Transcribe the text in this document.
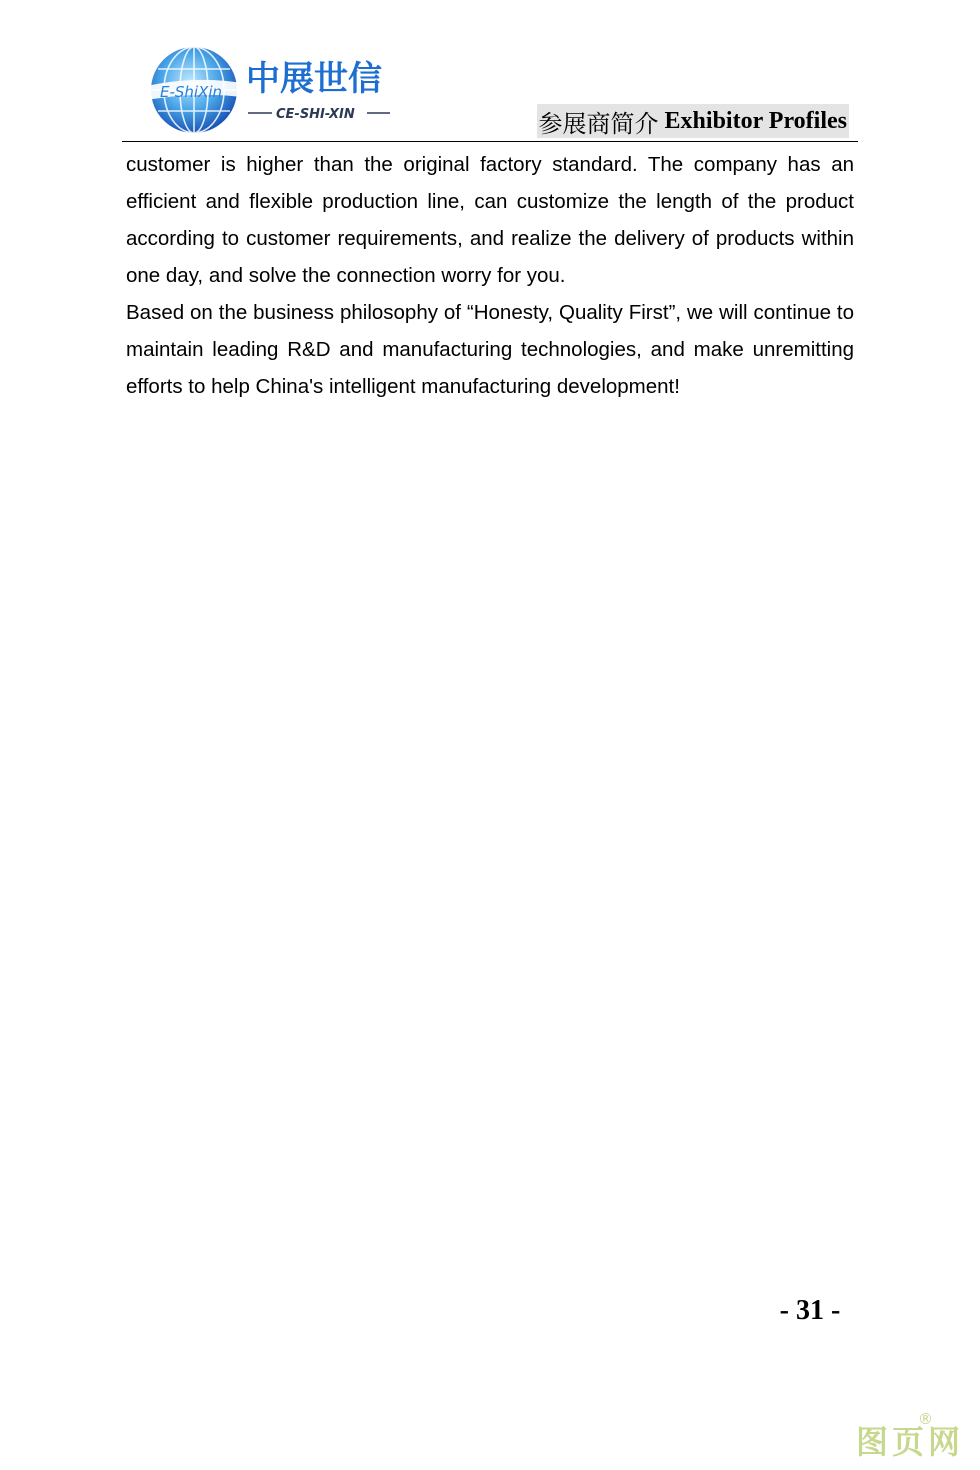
E-ShiXin 中展世信
CE-SHI-XIN	参展商简介 Exhibitor Profiles

customer is higher than the original factory standard. The company has an efficient and flexible production line, can customize the length of the product according to customer requirements, and realize the delivery of products within one day, and solve the connection worry for you.

Based on the business philosophy of “Honesty, Quality First”, we will continue to maintain leading R&D and manufacturing technologies, and make unremitting efforts to help China's intelligent manufacturing development!

- 31 -
图页网
®
